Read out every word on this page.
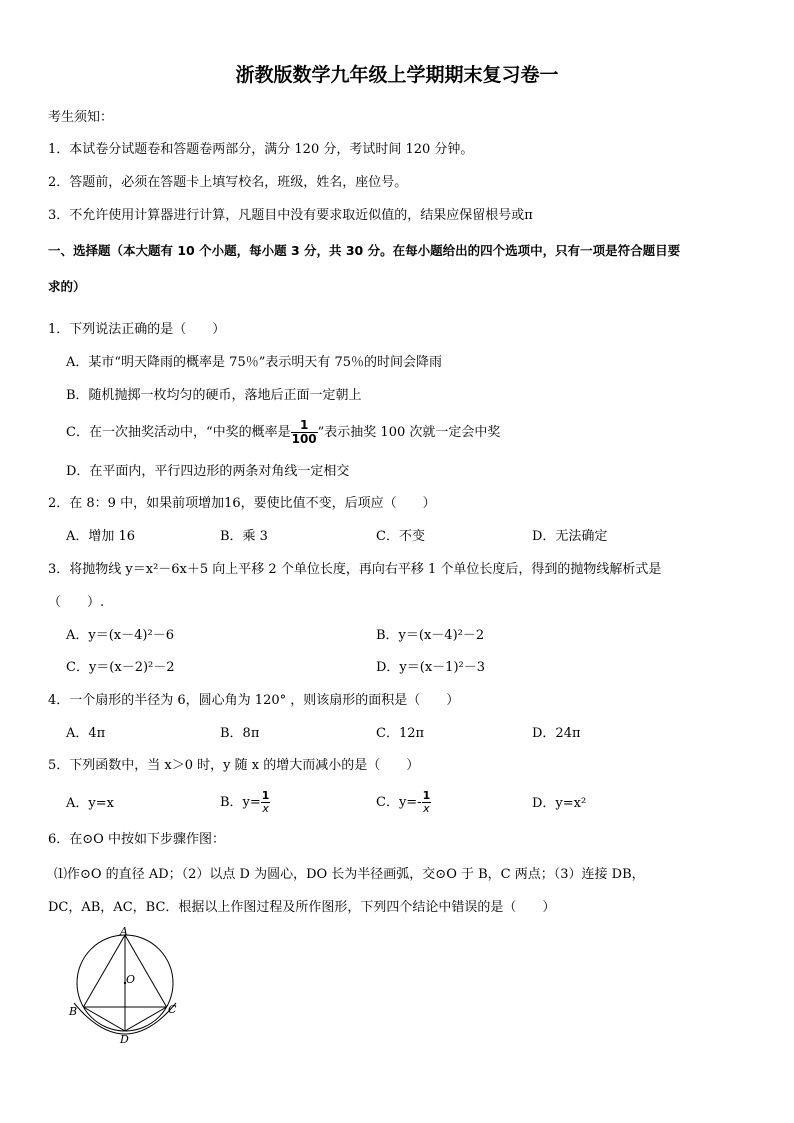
浙教版数学九年级上学期期末复习卷一
考生须知：
1．本试卷分试题卷和答题卷两部分，满分 120 分，考试时间 120 分钟。
2．答题前，必须在答题卡上填写校名，班级，姓名，座位号。
3．不允许使用计算器进行计算，凡题目中没有要求取近似值的，结果应保留根号或π
一、选择题（本大题有 10 个小题，每小题 3 分，共 30 分。在每小题给出的四个选项中，只有一项是符合题目要
求的）
1．下列说法正确的是（　　）
A．某市“明天降雨的概率是 75％”表示明天有 75％的时间会降雨
B．随机抛掷一枚均匀的硬币，落地后正面一定朝上
C．在一次抽奖活动中，“中奖的概率是 $\frac{1}{100}$ ”表示抽奖 100 次就一定会中奖
D．在平面内，平行四边形的两条对角线一定相交
2．在 8：9 中，如果前项增加16，要使比值不变，后项应（　　）
A．增加 16	B．乘 3	C．不变	D．无法确定
3．将抛物线 y＝x²－6x＋5 向上平移 2 个单位长度，再向右平移 1 个单位长度后，得到的抛物线解析式是
（　　）.
A．y＝(x－4)²－6	B．y＝(x－4)²－2
C．y＝(x－2)²－2	D．y＝(x－1)²－3
4．一个扇形的半径为 6，圆心角为 120° ，则该扇形的面积是（　　）
A．4π	B．8π	C．12π	D．24π
5．下列函数中，当 x＞0 时，y 随 x 的增大而减小的是（　　）
A．y=x	B．$y= \frac{1}{x}$	C．$y=- \frac{1}{x}$	D．y=x²
6．在⊙O 中按如下步骤作图：
⑴作⊙O 的直径 AD；（2）以点 D 为圆心，DO 长为半径画弧，交⊙O 于 B，C 两点；（3）连接 DB，
DC，AB，AC，BC．根据以上作图过程及所作图形，下列四个结论中错误的是（　　）
A
O
B	C
D
